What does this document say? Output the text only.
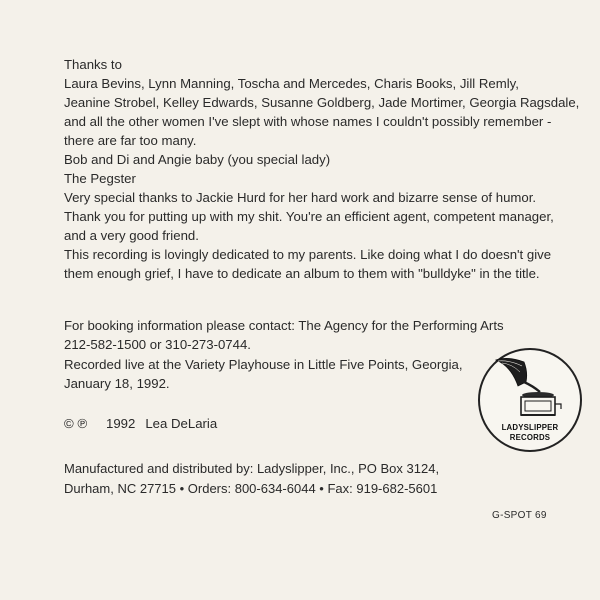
Thanks to
Laura Bevins, Lynn Manning, Toscha and Mercedes, Charis Books, Jill Remly,
Jeanine Strobel, Kelley Edwards, Susanne Goldberg, Jade Mortimer, Georgia Ragsdale,
and all the other women I've slept with whose names I couldn't possibly remember -
there are far too many.
Bob and Di and Angie baby (you special lady)
The Pegster
Very special thanks to Jackie Hurd for her hard work and bizarre sense of humor.
Thank you for putting up with my shit. You're an efficient agent, competent manager,
and a very good friend.
This recording is lovingly dedicated to my parents. Like doing what I do doesn't give
them enough grief, I have to dedicate an album to them with "bulldyke" in the title.
For booking information please contact: The Agency for the Performing Arts
212-582-1500 or 310-273-0744.
Recorded live at the Variety Playhouse in Little Five Points, Georgia,
January 18, 1992.
© ℗ 1992 Lea DeLaria	LADYSLIPPER
RECORDS
Manufactured and distributed by: Ladyslipper, Inc., PO Box 3124,
Durham, NC 27715 • Orders: 800-634-6044 • Fax: 919-682-5601
G-SPOT 69
